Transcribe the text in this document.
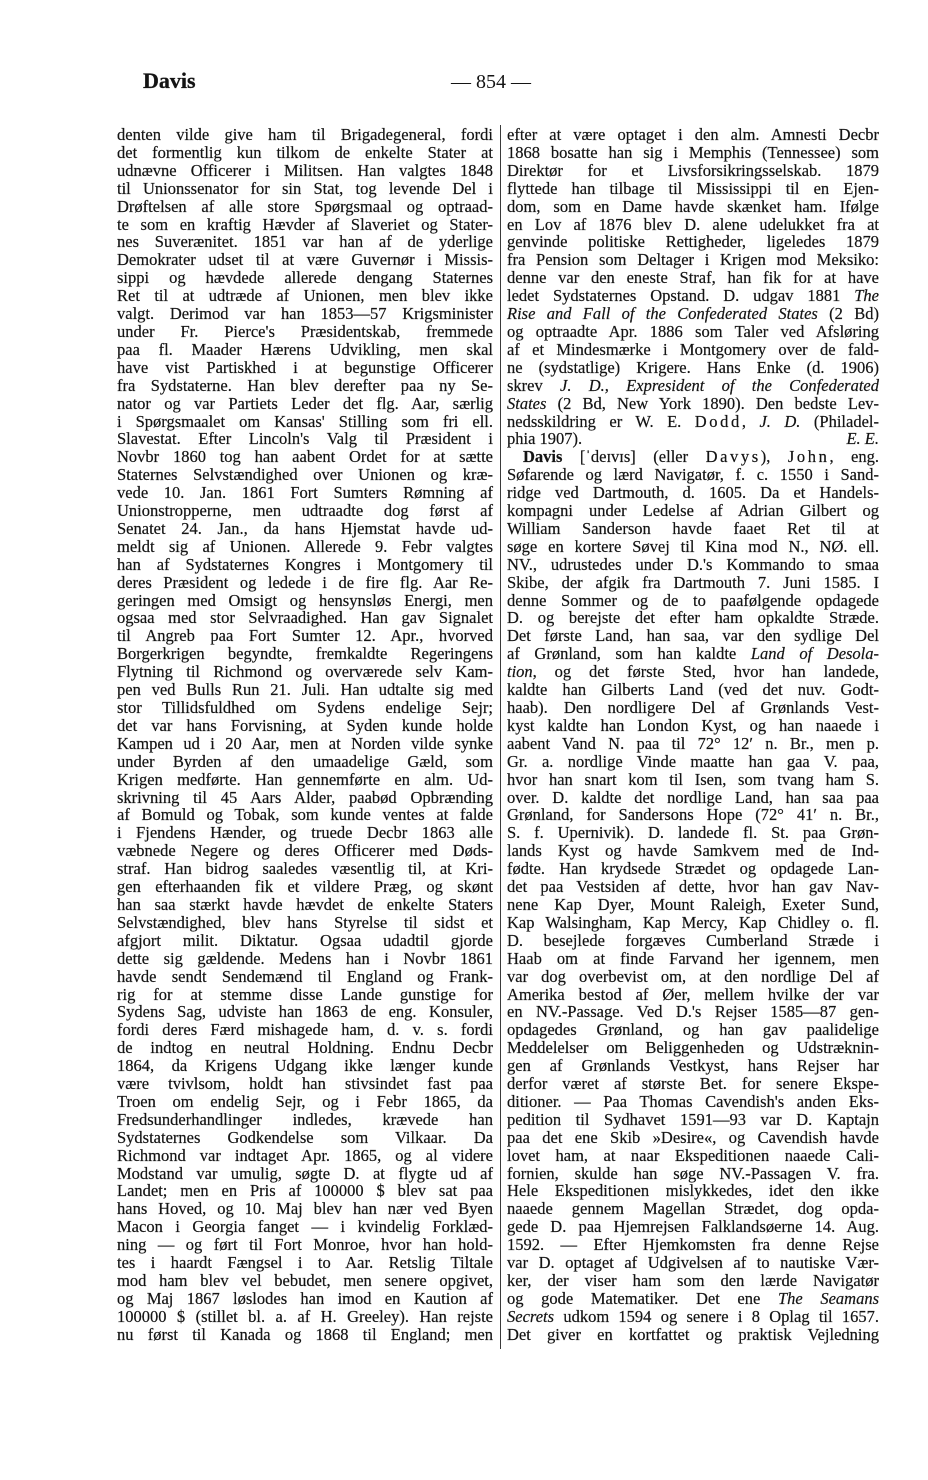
Davis	— 854 —
denten vilde give ham til Brigadegeneral, fordi
det formentlig kun tilkom de enkelte Stater at
udnævne Officerer i Militsen. Han valgtes 1848
til Unionssenator for sin Stat, tog levende Del i
Drøftelsen af alle store Spørgsmaal og optraad-
te som en kraftig Hævder af Slaveriet og Stater-
nes Suverænitet. 1851 var han af de yderlige
Demokrater udset til at være Guvernør i Missis-
sippi og hævdede allerede dengang Staternes
Ret til at udtræde af Unionen, men blev ikke
valgt. Derimod var han 1853—57 Krigsminister
under Fr. Pierce's Præsidentskab, fremmede
paa fl. Maader Hærens Udvikling, men skal
have vist Partiskhed i at begunstige Officerer
fra Sydstaterne. Han blev derefter paa ny Se-
nator og var Partiets Leder det flg. Aar, særlig
i Spørgsmaalet om Kansas' Stilling som fri ell.
Slavestat. Efter Lincoln's Valg til Præsident i
Novbr 1860 tog han aabent Ordet for at sætte
Staternes Selvstændighed over Unionen og kræ-
vede 10. Jan. 1861 Fort Sumters Rømning af
Unionstropperne, men udtraadte dog først af
Senatet 24. Jan., da hans Hjemstat havde ud-
meldt sig af Unionen. Allerede 9. Febr valgtes
han af Sydstaternes Kongres i Montgomery til
deres Præsident og ledede i de fire flg. Aar Re-
geringen med Omsigt og hensynsløs Energi, men
ogsaa med stor Selvraadighed. Han gav Signalet
til Angreb paa Fort Sumter 12. Apr., hvorved
Borgerkrigen begyndte, fremkaldte Regeringens
Flytning til Richmond og overværede selv Kam-
pen ved Bulls Run 21. Juli. Han udtalte sig med
stor Tillidsfuldhed om Sydens endelige Sejr;
det var hans Forvisning, at Syden kunde holde
Kampen ud i 20 Aar, men at Norden vilde synke
under Byrden af den umaadelige Gæld, som
Krigen medførte. Han gennemførte en alm. Ud-
skrivning til 45 Aars Alder, paabød Opbrænding
af Bomuld og Tobak, som kunde ventes at falde
i Fjendens Hænder, og truede Decbr 1863 alle
væbnede Negere og deres Officerer med Døds-
straf. Han bidrog saaledes væsentlig til, at Kri-
gen efterhaanden fik et vildere Præg, og skønt
han saa stærkt havde hævdet de enkelte Staters
Selvstændighed, blev hans Styrelse til sidst et
afgjort milit. Diktatur. Ogsaa udadtil gjorde
dette sig gældende. Medens han i Novbr 1861
havde sendt Sendemænd til England og Frank-
rig for at stemme disse Lande gunstige for
Sydens Sag, udviste han 1863 de eng. Konsuler,
fordi deres Færd mishagede ham, d. v. s. fordi
de indtog en neutral Holdning. Endnu Decbr
1864, da Krigens Udgang ikke længer kunde
være tvivlsom, holdt han stivsindet fast paa
Troen om endelig Sejr, og i Febr 1865, da
Fredsunderhandlinger indledes, krævede han
Sydstaternes Godkendelse som Vilkaar. Da
Richmond var indtaget Apr. 1865, og al videre
Modstand var umulig, søgte D. at flygte ud af
Landet; men en Pris af 100000 $ blev sat paa
hans Hoved, og 10. Maj blev han nær ved Byen
Macon i Georgia fanget — i kvindelig Forklæd-
ning — og ført til Fort Monroe, hvor han hold-
tes i haardt Fængsel i to Aar. Retslig Tiltale
mod ham blev vel bebudet, men senere opgivet,
og Maj 1867 løslodes han imod en Kaution af
100000 $ (stillet bl. a. af H. Greeley). Han rejste
nu først til Kanada og 1868 til England; men
efter at være optaget i den alm. Amnesti Decbr
1868 bosatte han sig i Memphis (Tennessee) som
Direktør for et Livsforsikringsselskab. 1879
flyttede han tilbage til Mississippi til en Ejen-
dom, som en Dame havde skænket ham. Ifølge
en Lov af 1876 blev D. alene udelukket fra at
genvinde politiske Rettigheder, ligeledes 1879
fra Pension som Deltager i Krigen mod Meksiko:
denne var den eneste Straf, han fik for at have
ledet Sydstaternes Opstand. D. udgav 1881 The
Rise and Fall of the Confederated States (2 Bd)
og optraadte Apr. 1886 som Taler ved Afsløring
af et Mindesmærke i Montgomery over de fald-
ne (sydstatlige) Krigere. Hans Enke (d. 1906)
skrev J. D., Expresident of the Confederated
States (2 Bd, New York 1890). Den bedste Lev-
nedsskildring er W. E. Dodd, J. D. (Philadel-
phia 1907).	E. E.
Davis [ˈdeɪvɪs] (eller Davys), John, eng.
Søfarende og lærd Navigatør, f. c. 1550 i Sand-
ridge ved Dartmouth, d. 1605. Da et Handels-
kompagni under Ledelse af Adrian Gilbert og
William Sanderson havde faaet Ret til at
søge en kortere Søvej til Kina mod N., NØ. ell.
NV., udrustedes under D.'s Kommando to smaa
Skibe, der afgik fra Dartmouth 7. Juni 1585. I
denne Sommer og de to paafølgende opdagede
D. og berejste det efter ham opkaldte Stræde.
Det første Land, han saa, var den sydlige Del
af Grønland, som han kaldte Land of Desola-
tion, og det første Sted, hvor han landede,
kaldte han Gilberts Land (ved det nuv. Godt-
haab). Den nordligere Del af Grønlands Vest-
kyst kaldte han London Kyst, og han naaede i
aabent Vand N. paa til 72° 12′ n. Br., men p.
Gr. a. nordlige Vinde maatte han gaa V. paa,
hvor han snart kom til Isen, som tvang ham S.
over. D. kaldte det nordlige Land, han saa paa
Grønland, for Sandersons Hope (72° 41′ n. Br.,
S. f. Upernivik). D. landede fl. St. paa Grøn-
lands Kyst og havde Samkvem med de Ind-
fødte. Han krydsede Strædet og opdagede Lan-
det paa Vestsiden af dette, hvor han gav Nav-
nene Kap Dyer, Mount Raleigh, Exeter Sund,
Kap Walsingham, Kap Mercy, Kap Chidley o. fl.
D. besejlede forgæves Cumberland Stræde i
Haab om at finde Farvand her igennem, men
var dog overbevist om, at den nordlige Del af
Amerika bestod af Øer, mellem hvilke der var
en NV.-Passage. Ved D.'s Rejser 1585—87 gen-
opdagedes Grønland, og han gav paalidelige
Meddelelser om Beliggenheden og Udstræknin-
gen af Grønlands Vestkyst, hans Rejser har
derfor været af største Bet. for senere Ekspe-
ditioner. — Paa Thomas Cavendish's anden Eks-
pedition til Sydhavet 1591—93 var D. Kaptajn
paa det ene Skib »Desire«, og Cavendish havde
lovet ham, at naar Ekspeditionen naaede Cali-
fornien, skulde han søge NV.-Passagen V. fra.
Hele Ekspeditionen mislykkedes, idet den ikke
naaede gennem Magellan Strædet, dog opda-
gede D. paa Hjemrejsen Falklandsøerne 14. Aug.
1592. — Efter Hjemkomsten fra denne Rejse
var D. optaget af Udgivelsen af to nautiske Vær-
ker, der viser ham som den lærde Navigatør
og gode Matematiker. Det ene The Seamans
Secrets udkom 1594 og senere i 8 Oplag til 1657.
Det giver en kortfattet og praktisk Vejledning
